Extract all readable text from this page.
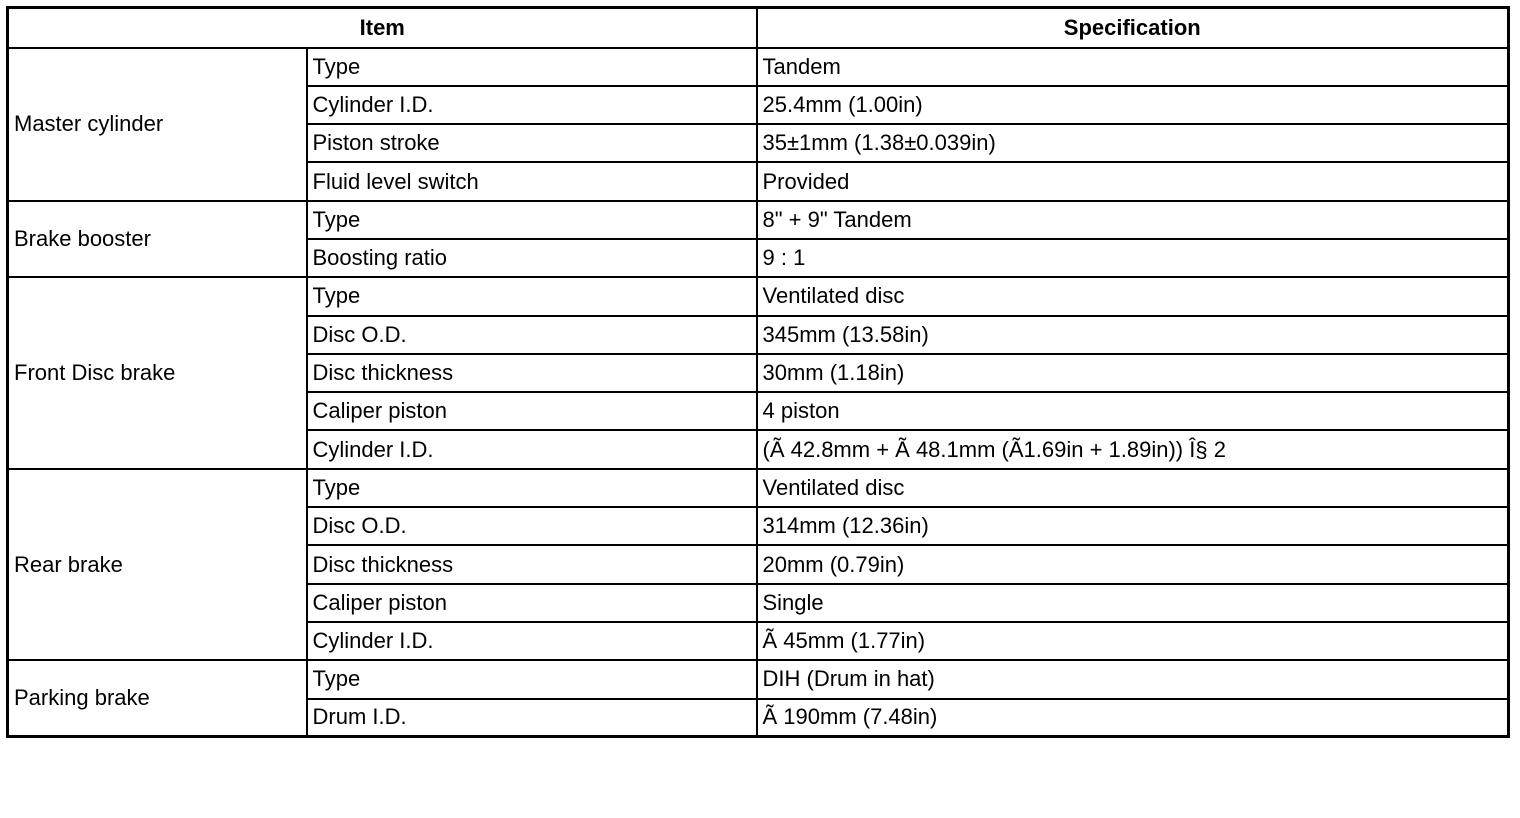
Item		Specification
Master cylinder	Type	Tandem
	Cylinder I.D.	25.4mm (1.00in)
	Piston stroke	35±1mm (1.38±0.039in)
	Fluid level switch	Provided
Brake booster	Type	8" + 9" Tandem
	Boosting ratio	9 : 1
Front Disc brake	Type	Ventilated disc
	Disc O.D.	345mm (13.58in)
	Disc thickness	30mm (1.18in)
	Caliper piston	4 piston
	Cylinder I.D.	(Ã 42.8mm + Ã 48.1mm (Ã1.69in + 1.89in)) Î§ 2
Rear brake	Type	Ventilated disc
	Disc O.D.	314mm (12.36in)
	Disc thickness	20mm (0.79in)
	Caliper piston	Single
	Cylinder I.D.	Ã 45mm (1.77in)
Parking brake	Type	DIH (Drum in hat)
	Drum I.D.	Ã 190mm (7.48in)
